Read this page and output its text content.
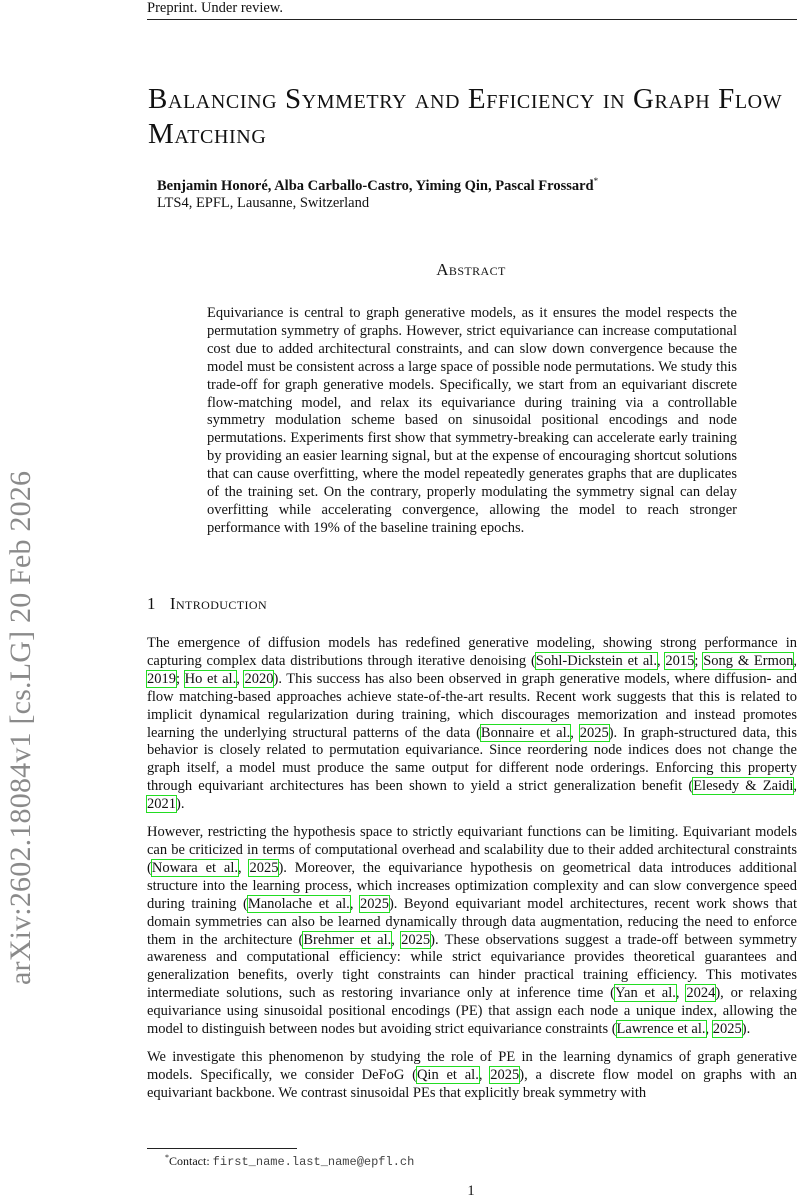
Preprint. Under review.
arXiv:2602.18084v1 [cs.LG] 20 Feb 2026
Balancing Symmetry and Efficiency in Graph Flow Matching
Benjamin Honoré, Alba Carballo-Castro, Yiming Qin, Pascal Frossard*
LTS4, EPFL, Lausanne, Switzerland
Abstract
Equivariance is central to graph generative models, as it ensures the model respects the permutation symmetry of graphs. However, strict equivariance can increase computational cost due to added architectural constraints, and can slow down convergence because the model must be consistent across a large space of possible node permutations. We study this trade-off for graph generative models. Specifically, we start from an equivariant discrete flow-matching model, and relax its equivariance during training via a controllable symmetry modulation scheme based on sinusoidal positional encodings and node permutations. Experiments first show that symmetry-breaking can accelerate early training by providing an easier learning signal, but at the expense of encouraging shortcut solutions that can cause overfitting, where the model repeatedly generates graphs that are duplicates of the training set. On the contrary, properly modulating the symmetry signal can delay overfitting while accelerating convergence, allowing the model to reach stronger performance with 19% of the baseline training epochs.
1 Introduction

The emergence of diffusion models has redefined generative modeling, showing strong performance in capturing complex data distributions through iterative denoising (Sohl-Dickstein et al., 2015; Song & Ermon, 2019; Ho et al., 2020). This success has also been observed in graph generative models, where diffusion- and flow matching-based approaches achieve state-of-the-art results. Recent work suggests that this is related to implicit dynamical regularization during training, which discourages memorization and instead promotes learning the underlying structural patterns of the data (Bonnaire et al., 2025). In graph-structured data, this behavior is closely related to permutation equivariance. Since reordering node indices does not change the graph itself, a model must produce the same output for different node orderings. Enforcing this property through equivariant architectures has been shown to yield a strict generalization benefit (Elesedy & Zaidi, 2021).

However, restricting the hypothesis space to strictly equivariant functions can be limiting. Equivariant models can be criticized in terms of computational overhead and scalability due to their added architectural constraints (Nowara et al., 2025). Moreover, the equivariance hypothesis on geometrical data introduces additional structure into the learning process, which increases optimization complexity and can slow convergence speed during training (Manolache et al., 2025). Beyond equivariant model architectures, recent work shows that domain symmetries can also be learned dynamically through data augmentation, reducing the need to enforce them in the architecture (Brehmer et al., 2025). These observations suggest a trade-off between symmetry awareness and computational efficiency: while strict equivariance provides theoretical guarantees and generalization benefits, overly tight constraints can hinder practical training efficiency. This motivates intermediate solutions, such as restoring invariance only at inference time (Yan et al., 2024), or relaxing equivariance using sinusoidal positional encodings (PE) that assign each node a unique index, allowing the model to distinguish between nodes but avoiding strict equivariance constraints (Lawrence et al., 2025).

We investigate this phenomenon by studying the role of PE in the learning dynamics of graph generative models. Specifically, we consider DeFoG (Qin et al., 2025), a discrete flow model on graphs with an equivariant backbone. We contrast sinusoidal PEs that explicitly break symmetry with

*Contact: first_name.last_name@epfl.ch
1
